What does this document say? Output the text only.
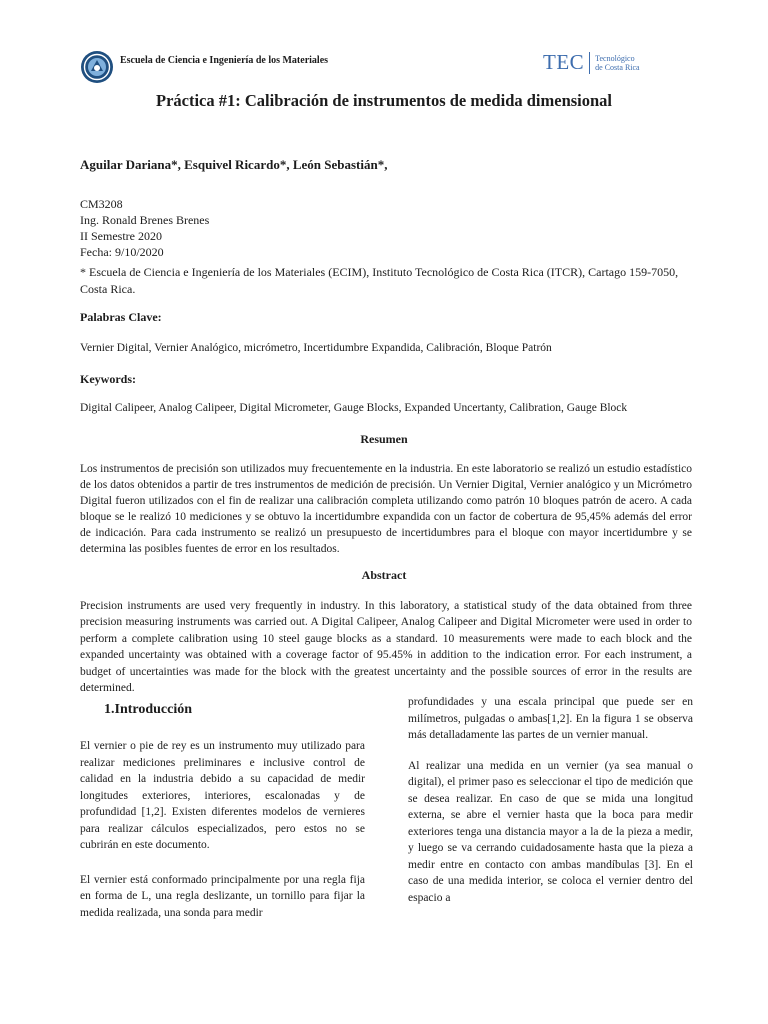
Escuela de Ciencia e Ingeniería de los Materiales	TEC Tecnológico
de Costa Rica
Práctica #1: Calibración de instrumentos de medida dimensional
Aguilar Dariana*, Esquivel Ricardo*, León Sebastián*,
CM3208
Ing. Ronald Brenes Brenes
II Semestre 2020
Fecha: 9/10/2020
* Escuela de Ciencia e Ingeniería de los Materiales (ECIM), Instituto Tecnológico de Costa Rica (ITCR), Cartago 159-7050, Costa Rica.
Palabras Clave:
Vernier Digital, Vernier Analógico, micrómetro, Incertidumbre Expandida, Calibración, Bloque Patrón
Keywords:
Digital Calipeer, Analog Calipeer, Digital Micrometer, Gauge Blocks, Expanded Uncertanty, Calibration, Gauge Block
Resumen
Los instrumentos de precisión son utilizados muy frecuentemente en la industria. En este laboratorio se realizó un estudio estadístico de los datos obtenidos a partir de tres instrumentos de medición de precisión. Un Vernier Digital, Vernier analógico y un Micrómetro Digital fueron utilizados con el fin de realizar una calibración completa utilizando como patrón 10 bloques patrón de acero. A cada bloque se le realizó 10 mediciones y se obtuvo la incertidumbre expandida con un factor de cobertura de 95,45% además del error de indicación. Para cada instrumento se realizó un presupuesto de incertidumbres para el bloque con mayor incertidumbre y se determina las posibles fuentes de error en los resultados.
Abstract
Precision instruments are used very frequently in industry. In this laboratory, a statistical study of the data obtained from three precision measuring instruments was carried out. A Digital Calipeer, Analog Calipeer and Digital Micrometer were used in order to perform a complete calibration using 10 steel gauge blocks as a standard. 10 measurements were made to each block and the expanded uncertainty was obtained with a coverage factor of 95.45% in addition to the indication error. For each instrument, a budget of uncertainties was made for the block with the greatest uncertainty and the possible sources of error in the results are determined.
1.Introducción

El vernier o pie de rey es un instrumento muy utilizado para realizar mediciones preliminares e inclusive control de calidad en la industria debido a su capacidad de medir longitudes exteriores, interiores, escalonadas y de profundidad [1,2]. Existen diferentes modelos de vernieres para realizar cálculos especializados, pero estos no se cubrirán en este documento.

El vernier está conformado principalmente por una regla fija en forma de L, una regla deslizante, un tornillo para fijar la medida realizada, una sonda para medir

profundidades y una escala principal que puede ser en milímetros, pulgadas o ambas[1,2]. En la figura 1 se observa más detalladamente las partes de un vernier manual.

Al realizar una medida en un vernier (ya sea manual o digital), el primer paso es seleccionar el tipo de medición que se desea realizar. En caso de que se mida una longitud externa, se abre el vernier hasta que la boca para medir exteriores tenga una distancia mayor a la de la pieza a medir, y luego se va cerrando cuidadosamente hasta que la pieza a medir entre en contacto con ambas mandíbulas [3]. En el caso de una medida interior, se coloca el vernier dentro del espacio a
